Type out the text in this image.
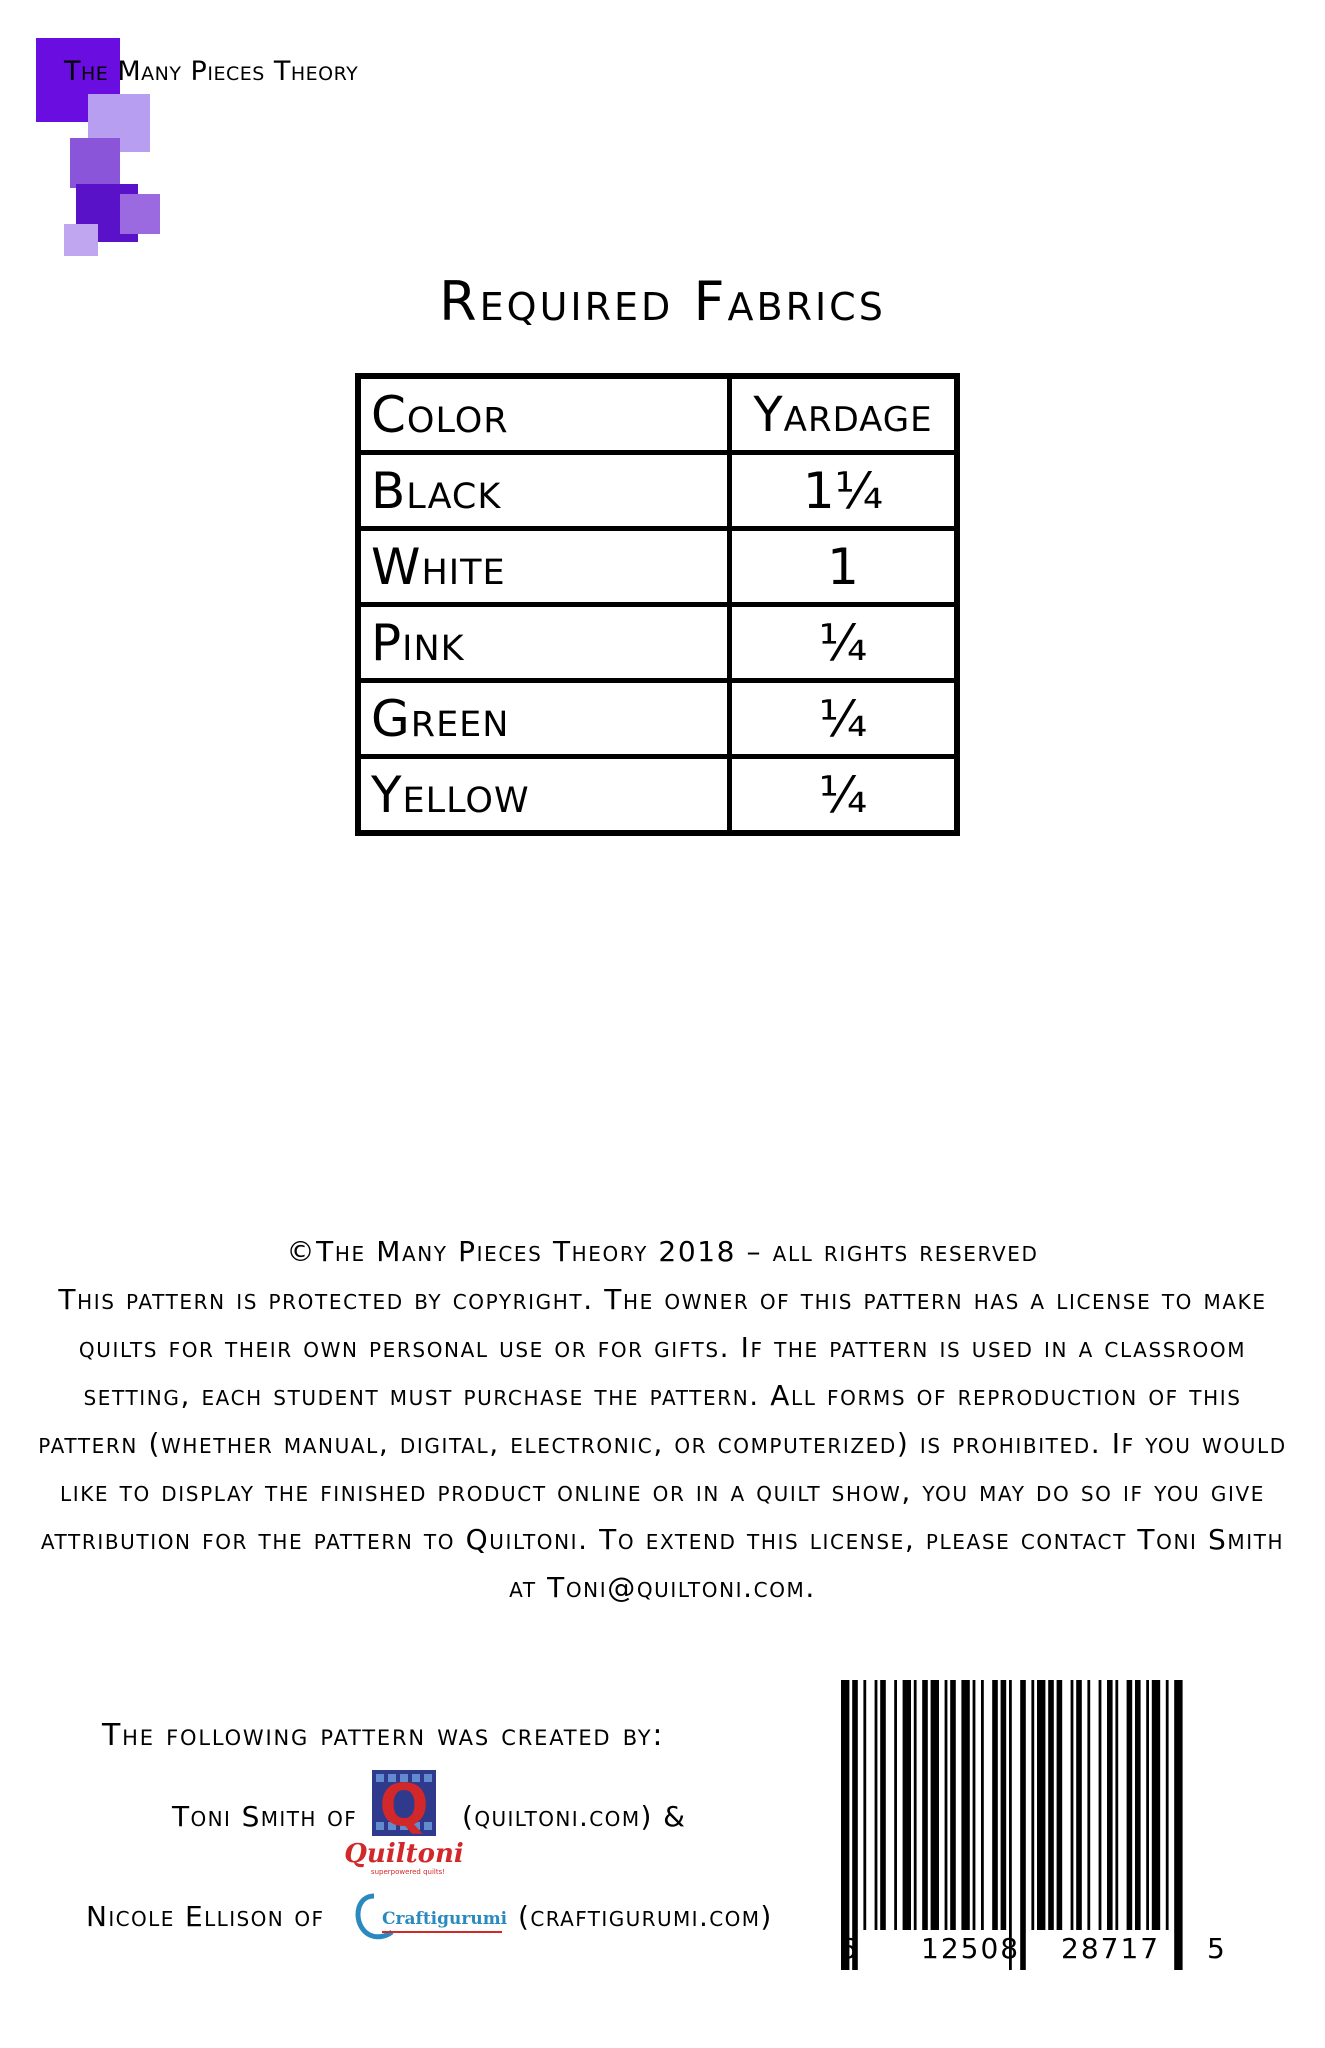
The Many Pieces Theory
Required Fabrics
Color	Yardage
Black	1¼
White	1
Pink	¼
Green	¼
Yellow	¼

©The Many Pieces Theory 2018 – all rights reserved

This pattern is protected by copyright. The owner of this pattern has a license to make quilts for their own personal use or for gifts. If the pattern is used in a classroom setting, each student must purchase the pattern. All forms of reproduction of this pattern (whether manual, digital, electronic, or computerized) is prohibited. If you would like to display the finished product online or in a quilt show, you may do so if you give attribution for the pattern to Quiltoni. To extend this license, please contact Toni Smith at Toni@quiltoni.com.

The following pattern was created by:
Toni Smith of Q
Quiltoni
superpowered quilts!
(quiltoni.com) &
Nicole Ellison of	Craftigurumi (craftigurumi.com)
6 12508 28717 5
